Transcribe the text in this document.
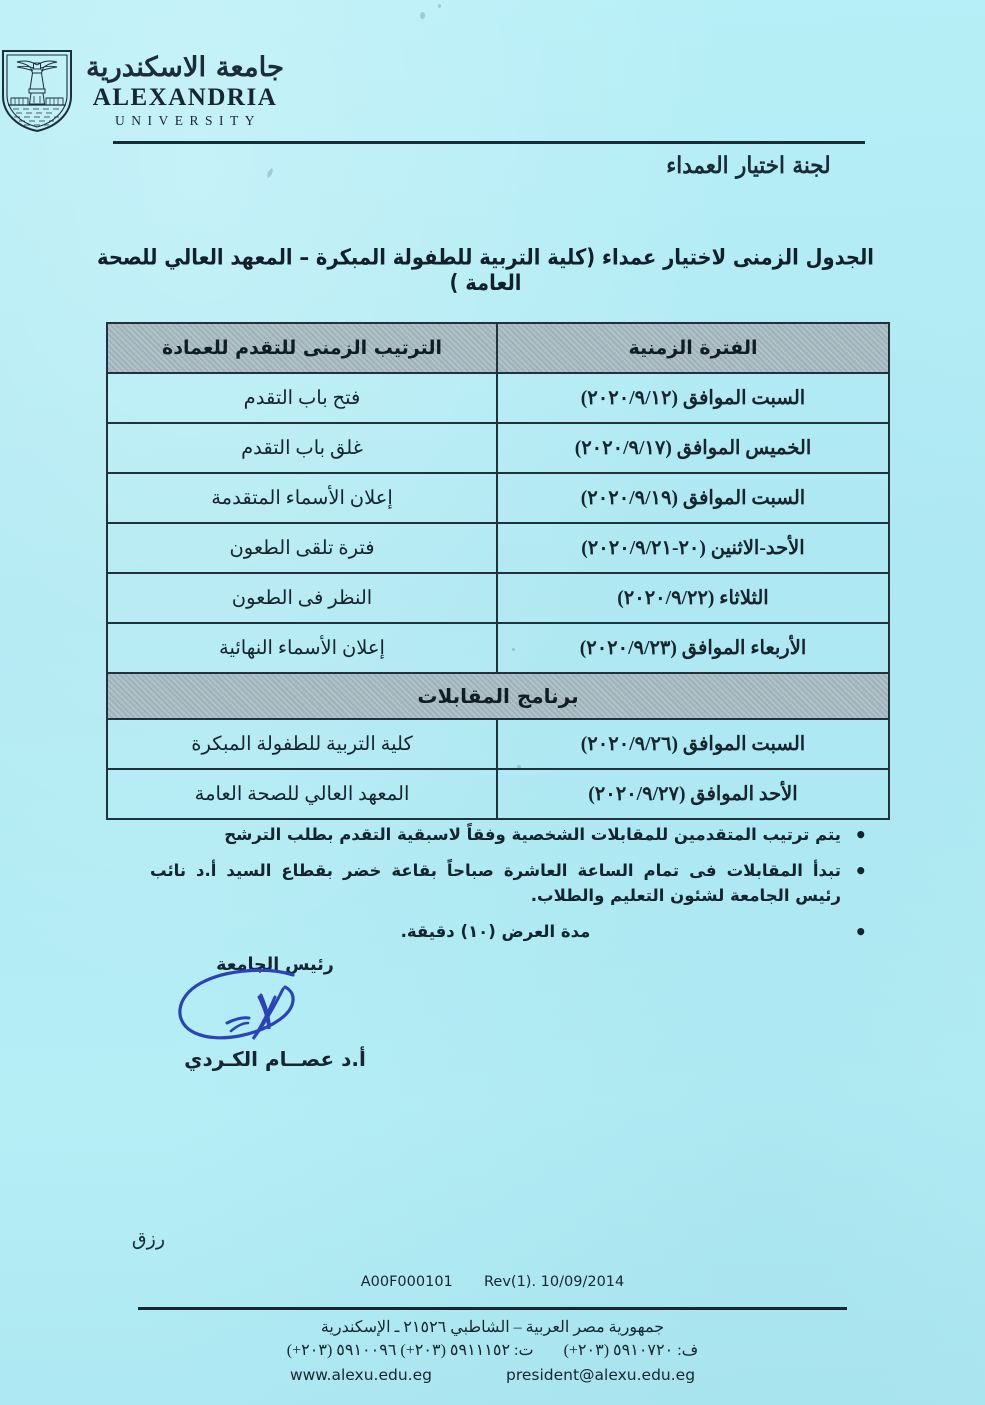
جامعة الاسكندرية
ALEXANDRIA
UNIVERSITY
لجنة اختيار العمداء
الجدول الزمنى لاختيار عمداء (كلية التربية للطفولة المبكرة – المعهد العالي للصحة العامة )
الفترة الزمنية	الترتيب الزمنى للتقدم للعمادة
السبت الموافق (٢٠٢٠/٩/١٢)	فتح باب التقدم
الخميس الموافق (٢٠٢٠/٩/١٧)	غلق باب التقدم
السبت الموافق (٢٠٢٠/٩/١٩)	إعلان الأسماء المتقدمة
الأحد-الاثنين (٢٠-٢٠٢٠/٩/٢١)	فترة تلقى الطعون
الثلاثاء (٢٠٢٠/٩/٢٢)	النظر فى الطعون
الأربعاء الموافق (٢٠٢٠/٩/٢٣)	إعلان الأسماء النهائية
برنامج المقابلات	
السبت الموافق (٢٠٢٠/٩/٢٦)	كلية التربية للطفولة المبكرة
الأحد الموافق (٢٠٢٠/٩/٢٧)	المعهد العالي للصحة العامة
• يتم ترتيب المتقدمين للمقابلات الشخصية وفقاً لاسبقية التقدم بطلب الترشح
• تبدأ المقابلات فى تمام الساعة العاشرة صباحاً بقاعة خضر بقطاع السيد أ.د نائب رئيس الجامعة لشئون التعليم والطلاب.
• مدة العرض (١٠) دقيقة.
رئيس الجامعة
أ.د عصــام الكـردي
رزق
A00F000101 Rev(1). 10/09/2014
جمهورية مصر العربية – الشاطبي ٢١٥٢٦ ـ الإسكندرية
ف: ٥٩١٠٧٢٠ (٢٠٣+)
ت: ٥٩١١١٥٢ (٢٠٣+) ٥٩١٠٠٩٦ (٢٠٣+)
www.alexu.edu.eg	president@alexu.edu.eg
